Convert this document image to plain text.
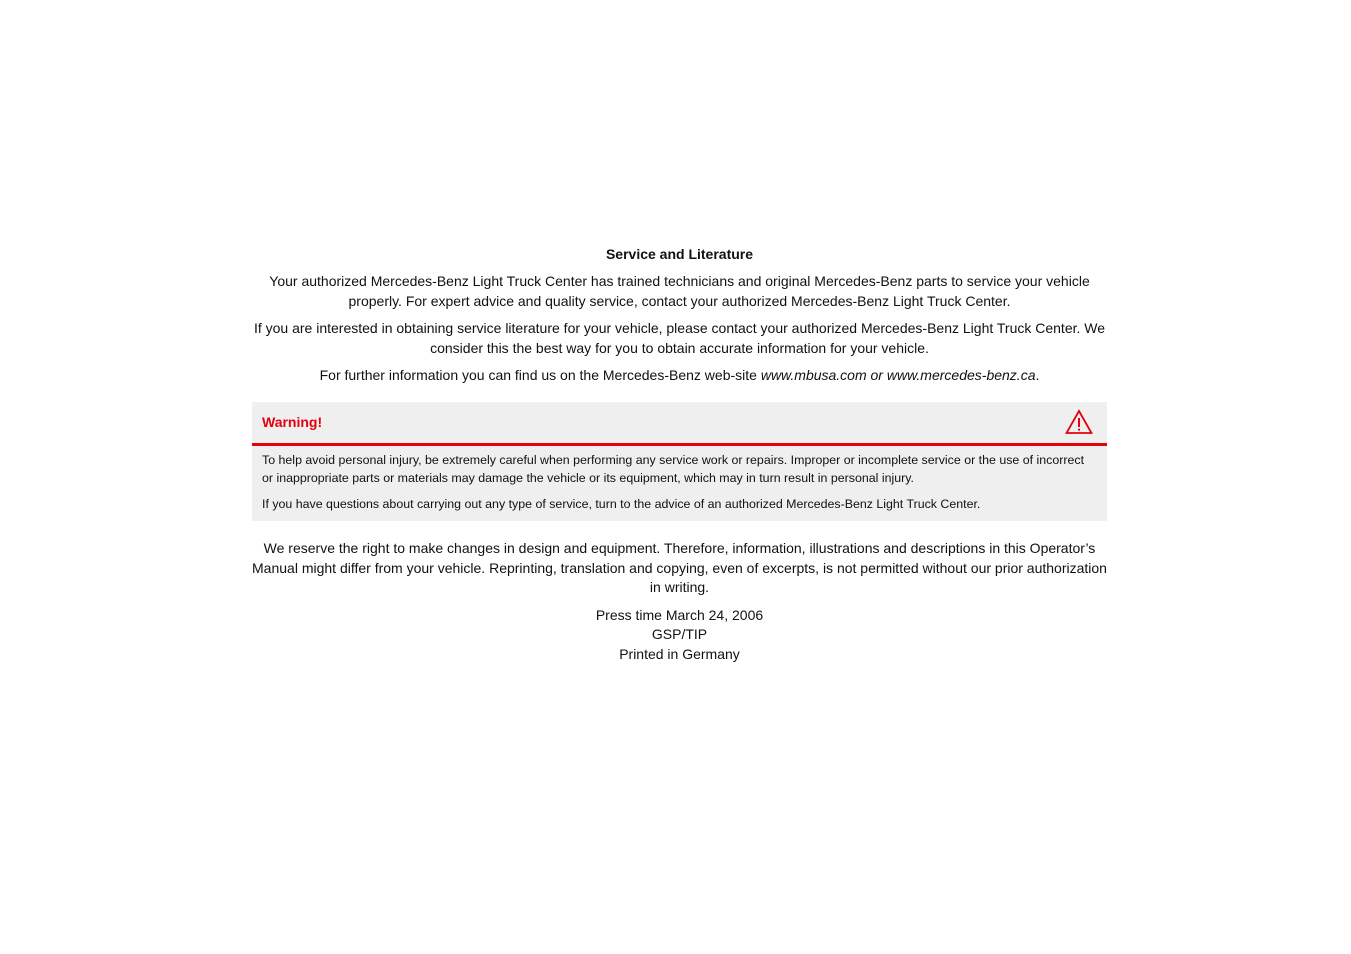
Service and Literature

Your authorized Mercedes-Benz Light Truck Center has trained technicians and original Mercedes-Benz parts to service your vehicle properly. For expert advice and quality service, contact your authorized Mercedes-Benz Light Truck Center.

If you are interested in obtaining service literature for your vehicle, please contact your authorized Mercedes-Benz Light Truck Center. We consider this the best way for you to obtain accurate information for your vehicle.

For further information you can find us on the Mercedes-Benz web-site www.mbusa.com or www.mercedes-benz.ca.

Warning!

To help avoid personal injury, be extremely careful when performing any service work or repairs. Improper or incomplete service or the use of incorrect or inappropriate parts or materials may damage the vehicle or its equipment, which may in turn result in personal injury.

If you have questions about carrying out any type of service, turn to the advice of an authorized Mercedes-Benz Light Truck Center.

We reserve the right to make changes in design and equipment. Therefore, information, illustrations and descriptions in this Operator’s Manual might differ from your vehicle. Reprinting, translation and copying, even of excerpts, is not permitted without our prior authorization in writing.

Press time March 24, 2006
GSP/TIP
Printed in Germany
